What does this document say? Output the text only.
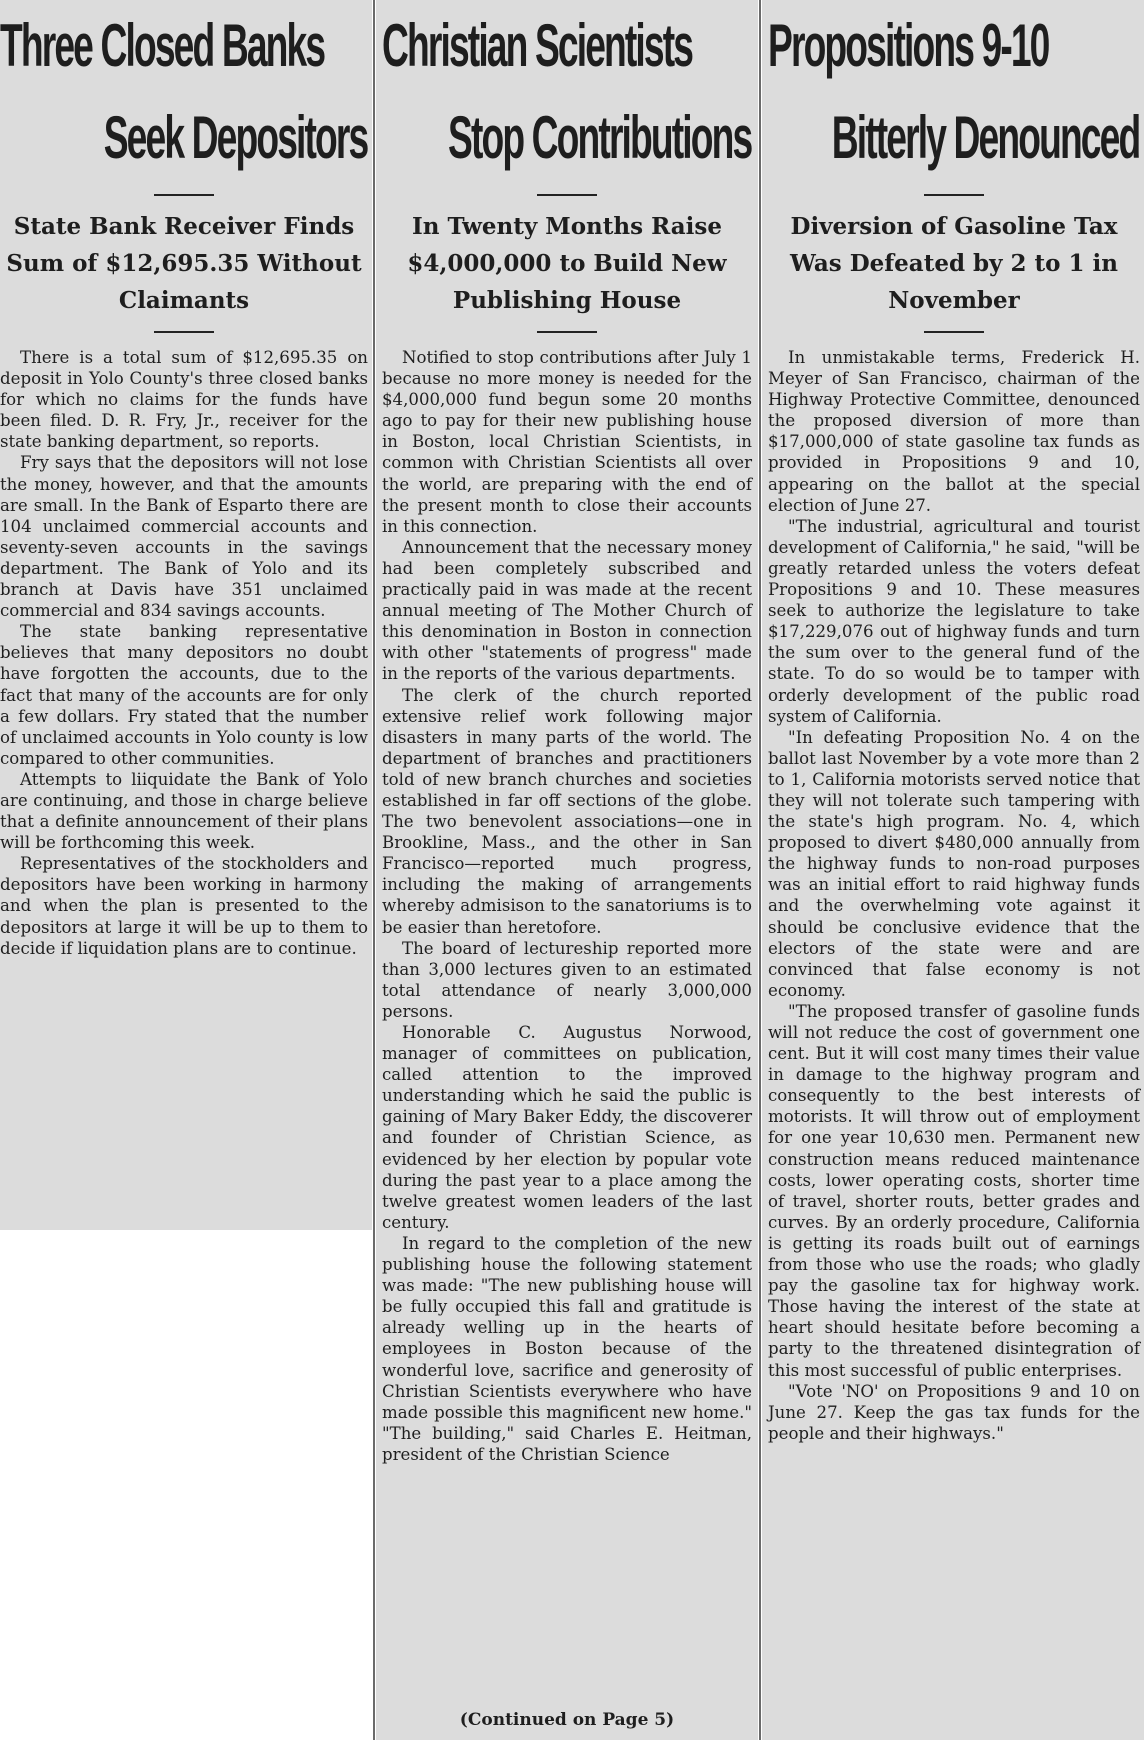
Three Closed Banks
Seek Depositors
State Bank Receiver Finds Sum of $12,695.35 Without Claimants

There is a total sum of $12,695.35 on deposit in Yolo County's three closed banks for which no claims for the funds have been filed. D. R. Fry, Jr., receiver for the state banking department, so reports.

Fry says that the depositors will not lose the money, however, and that the amounts are small. In the Bank of Esparto there are 104 unclaimed commercial accounts and seventy-seven accounts in the savings department. The Bank of Yolo and its branch at Davis have 351 unclaimed commercial and 834 savings accounts.

The state banking representative believes that many depositors no doubt have forgotten the accounts, due to the fact that many of the accounts are for only a few dollars. Fry stated that the number of unclaimed accounts in Yolo county is low compared to other communities.

Attempts to liiquidate the Bank of Yolo are continuing, and those in charge believe that a definite announcement of their plans will be forthcoming this week.

Representatives of the stockholders and depositors have been working in harmony and when the plan is presented to the depositors at large it will be up to them to decide if liquidation plans are to continue.

Christian Scientists
Stop Contributions
In Twenty Months Raise $4,000,000 to Build New Publishing House

Notified to stop contributions after July 1 because no more money is needed for the $4,000,000 fund begun some 20 months ago to pay for their new publishing house in Boston, local Christian Scientists, in common with Christian Scientists all over the world, are preparing with the end of the present month to close their accounts in this connection.

Announcement that the necessary money had been completely subscribed and practically paid in was made at the recent annual meeting of The Mother Church of this denomination in Boston in connection with other "statements of progress" made in the reports of the various departments.

The clerk of the church reported extensive relief work following major disasters in many parts of the world. The department of branches and practitioners told of new branch churches and societies established in far off sections of the globe. The two benevolent associations—one in Brookline, Mass., and the other in San Francisco—reported much progress, including the making of arrangements whereby admisison to the sanatoriums is to be easier than heretofore.

The board of lectureship reported more than 3,000 lectures given to an estimated total attendance of nearly 3,000,000 persons.

Honorable C. Augustus Norwood, manager of committees on publication, called attention to the improved understanding which he said the public is gaining of Mary Baker Eddy, the discoverer and founder of Christian Science, as evidenced by her election by popular vote during the past year to a place among the twelve greatest women leaders of the last century.

In regard to the completion of the new publishing house the following statement was made: "The new publishing house will be fully occupied this fall and gratitude is already welling up in the hearts of employees in Boston because of the wonderful love, sacrifice and generosity of Christian Scientists everywhere who have made possible this magnificent new home." "The building," said Charles E. Heitman, president of the Christian Science

(Continued on Page 5)
Propositions 9-10
Bitterly Denounced
Diversion of Gasoline Tax Was Defeated by 2 to 1 in November

In unmistakable terms, Frederick H. Meyer of San Francisco, chairman of the Highway Protective Committee, denounced the proposed diversion of more than $17,000,000 of state gasoline tax funds as provided in Propositions 9 and 10, appearing on the ballot at the special election of June 27.

"The industrial, agricultural and tourist development of California," he said, "will be greatly retarded unless the voters defeat Propositions 9 and 10. These measures seek to authorize the legislature to take $17,229,076 out of highway funds and turn the sum over to the general fund of the state. To do so would be to tamper with orderly development of the public road system of California.

"In defeating Proposition No. 4 on the ballot last November by a vote more than 2 to 1, California motorists served notice that they will not tolerate such tampering with the state's high program. No. 4, which proposed to divert $480,000 annually from the highway funds to non-road purposes was an initial effort to raid highway funds and the overwhelming vote against it should be conclusive evidence that the electors of the state were and are convinced that false economy is not economy.

"The proposed transfer of gasoline funds will not reduce the cost of government one cent. But it will cost many times their value in damage to the highway program and consequently to the best interests of motorists. It will throw out of employment for one year 10,630 men. Permanent new construction means reduced maintenance costs, lower operating costs, shorter time of travel, shorter routs, better grades and curves. By an orderly procedure, California is getting its roads built out of earnings from those who use the roads; who gladly pay the gasoline tax for highway work. Those having the interest of the state at heart should hesitate before becoming a party to the threatened disintegration of this most successful of public enterprises.

"Vote 'NO' on Propositions 9 and 10 on June 27. Keep the gas tax funds for the people and their highways."
